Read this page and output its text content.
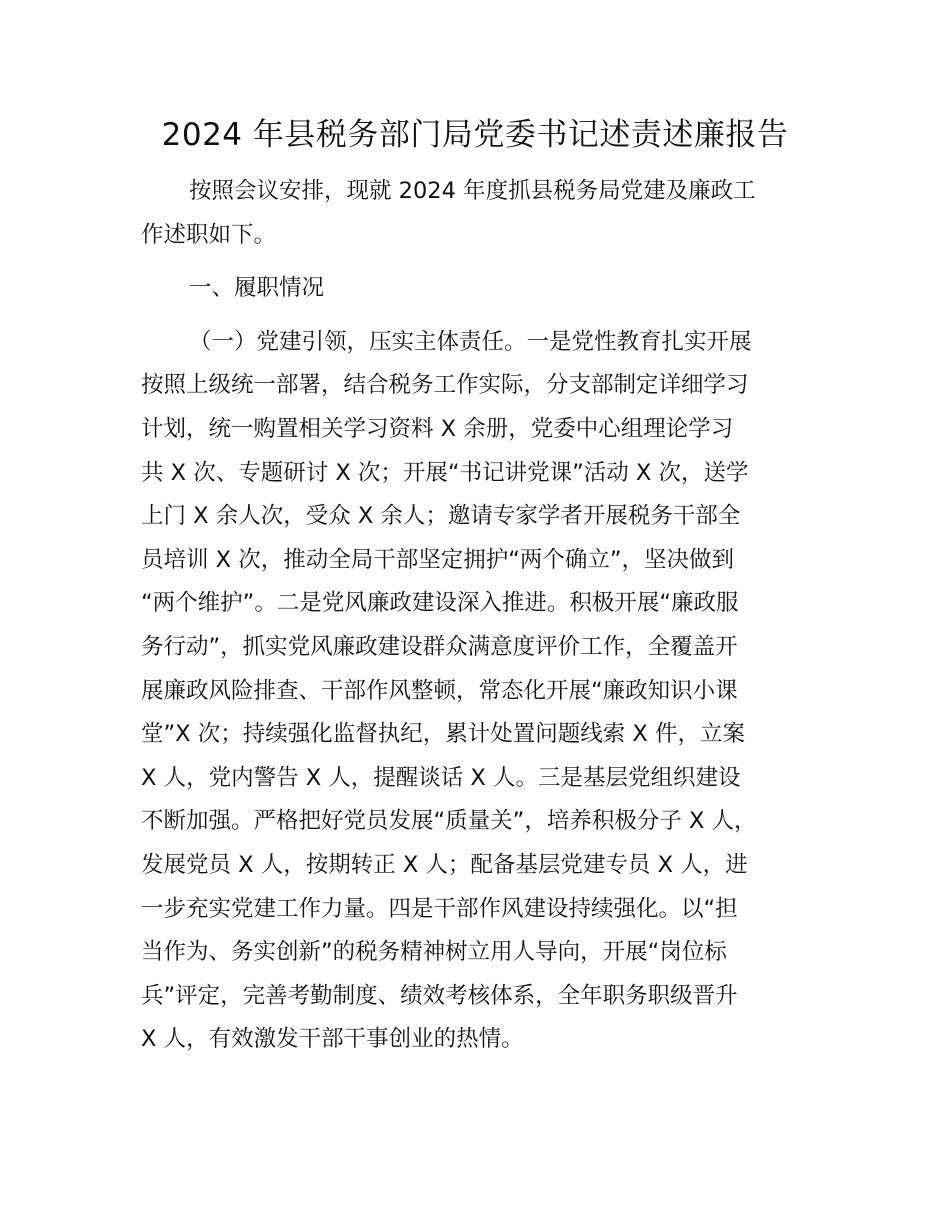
2024 年县税务部门局党委书记述责述廉报告
按照会议安排，现就 2024 年度抓县税务局党建及廉政工
作述职如下。
一、履职情况
（一）党建引领，压实主体责任。一是党性教育扎实开展
按照上级统一部署，结合税务工作实际，分支部制定详细学习
计划，统一购置相关学习资料 X 余册，党委中心组理论学习
共 X 次、专题研讨 X 次；开展“书记讲党课”活动 X 次，送学
上门 X 余人次，受众 X 余人；邀请专家学者开展税务干部全
员培训 X 次，推动全局干部坚定拥护“两个确立”，坚决做到
“两个维护”。二是党风廉政建设深入推进。积极开展“廉政服
务行动”，抓实党风廉政建设群众满意度评价工作，全覆盖开
展廉政风险排查、干部作风整顿，常态化开展“廉政知识小课
堂”X 次；持续强化监督执纪，累计处置问题线索 X 件，立案
X 人，党内警告 X 人，提醒谈话 X 人。三是基层党组织建设
不断加强。严格把好党员发展“质量关”，培养积极分子 X 人，
发展党员 X 人，按期转正 X 人；配备基层党建专员 X 人，进
一步充实党建工作力量。四是干部作风建设持续强化。以“担
当作为、务实创新”的税务精神树立用人导向，开展“岗位标
兵”评定，完善考勤制度、绩效考核体系，全年职务职级晋升
X 人，有效激发干部干事创业的热情。
